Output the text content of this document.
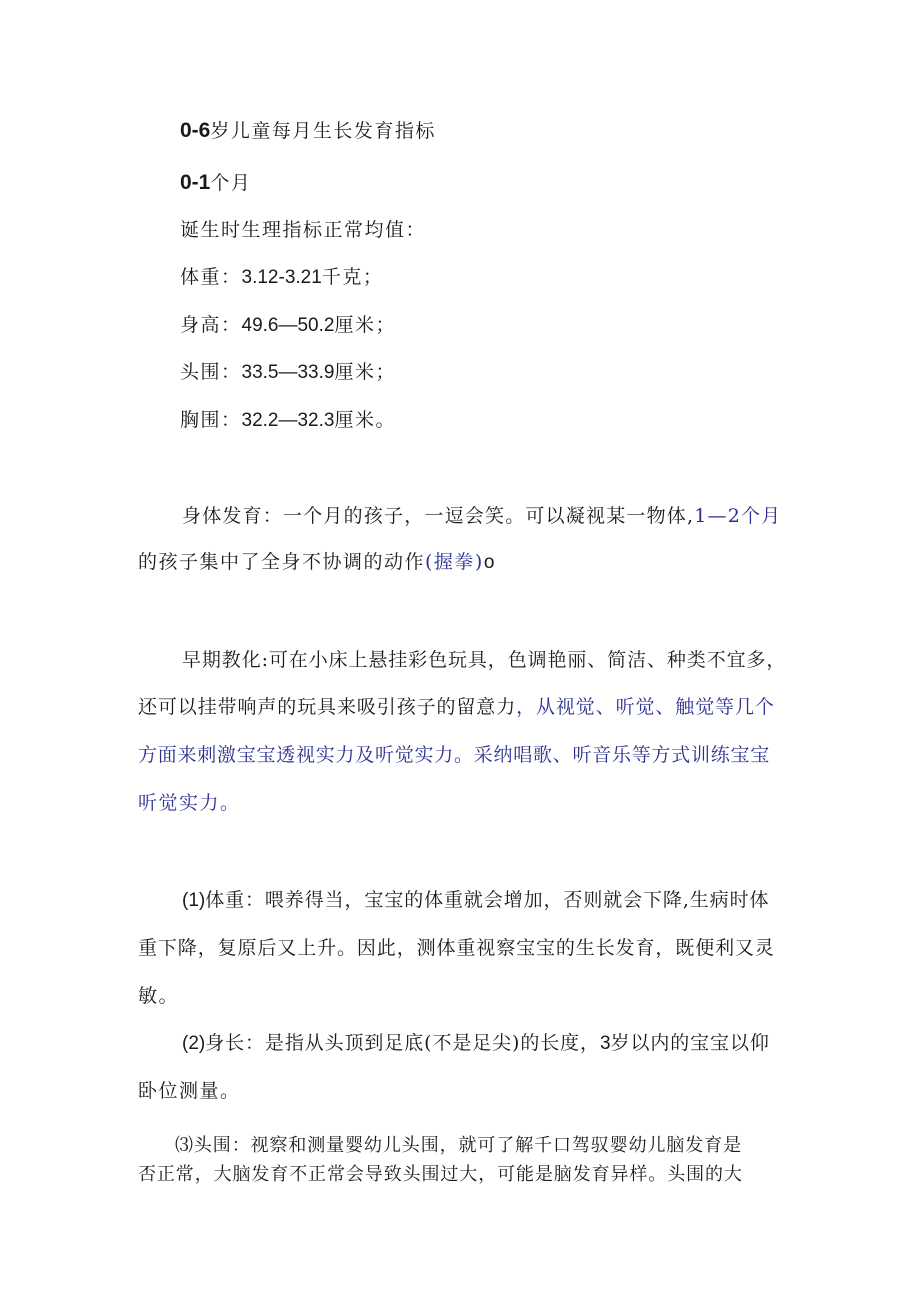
0-6岁儿童每月生长发育指标
0-1个月
诞生时生理指标正常均值：
体重：3.12-3.21千克；
身高：49.6—50.2厘米；
头围：33.5—33.9厘米；
胸围：32.2—32.3厘米。
身体发育：一个月的孩子，一逗会笑。可以凝视某一物体,1—2个月
的孩子集中了全身不协调的动作(握拳)o
早期教化:可在小床上悬挂彩色玩具，色调艳丽、简洁、种类不宜多，
还可以挂带响声的玩具来吸引孩子的留意力，从视觉、听觉、触觉等几个
方面来刺激宝宝透视实力及听觉实力。采纳唱歌、听音乐等方式训练宝宝
听觉实力。
(1)体重：喂养得当，宝宝的体重就会增加，否则就会下降,生病时体
重下降，复原后又上升。因此，测体重视察宝宝的生长发育，既便利又灵
敏。
(2)身长：是指从头顶到足底(不是足尖)的长度，3岁以内的宝宝以仰
卧位测量。
⑶头围：视察和测量婴幼儿头围，就可了解千口驾驭婴幼儿脑发育是
否正常，大脑发育不正常会导致头围过大，可能是脑发育异样。头围的大
